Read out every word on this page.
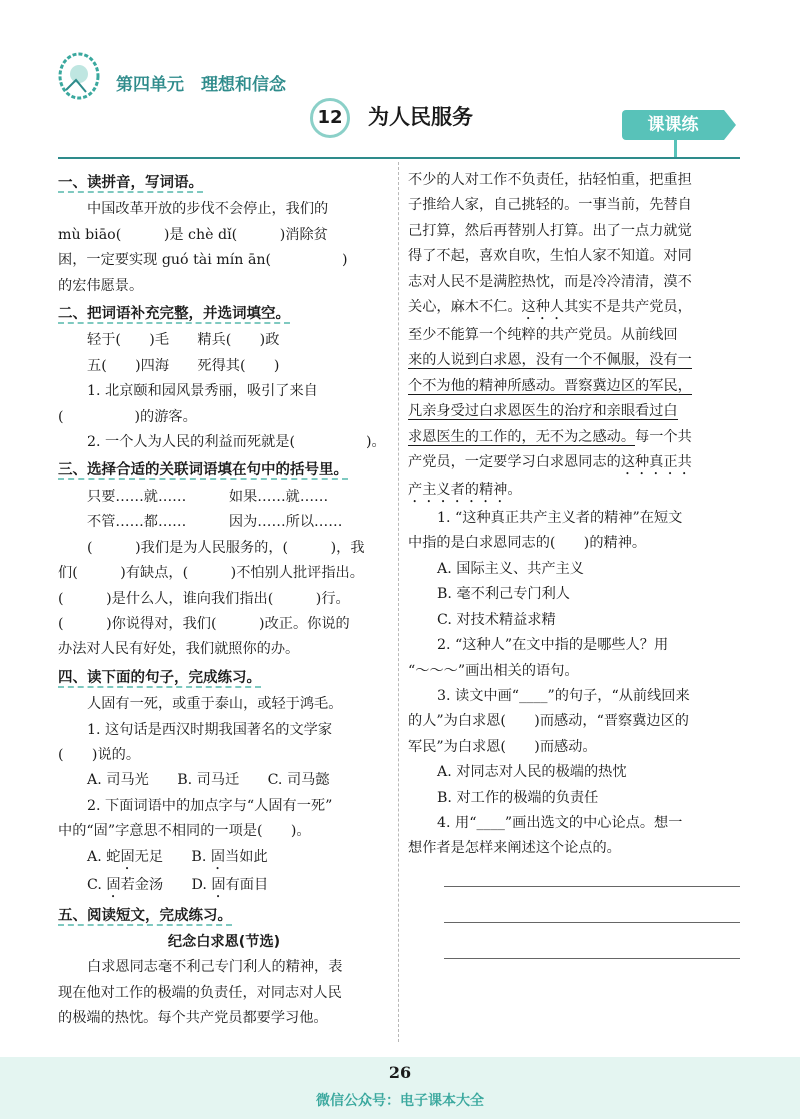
第四单元　理想和信念
12	为人民服务	课课练
一、读拼音，写词语。
中国改革开放的步伐不会停止，我们的
mù biāo(　　　)是 chè dǐ(　　　)消除贫
困，一定要实现 guó tài mín ān(　　　　　)
的宏伟愿景。
二、把词语补充完整，并选词填空。
轻于(　　)毛　　精兵(　　)政
五(　　)四海　　死得其(　　)
1. 北京颐和园风景秀丽，吸引了来自
(　　　　　)的游客。
2. 一个人为人民的利益而死就是(　　　　　)。
三、选择合适的关联词语填在句中的括号里。
只要……就……　　　如果……就……
不管……都……　　　因为……所以……
(　　　)我们是为人民服务的，(　　　)，我
们(　　　)有缺点，(　　　)不怕别人批评指出。
(　　　)是什么人，谁向我们指出(　　　)行。
(　　　)你说得对，我们(　　　)改正。你说的
办法对人民有好处，我们就照你的办。
四、读下面的句子，完成练习。
人固有一死，或重于泰山，或轻于鸿毛。
1. 这句话是西汉时期我国著名的文学家
(　　)说的。
A. 司马光　　B. 司马迁　　C. 司马懿
2. 下面词语中的加点字与“人固有一死”
中的“固”字意思不相同的一项是(　　)。
A. 蛇固无足　　B. 固当如此
C. 固若金汤　　D. 固有面目
五、阅读短文，完成练习。
纪念白求恩(节选)
白求恩同志毫不利己专门利人的精神，表
现在他对工作的极端的负责任，对同志对人民
的极端的热忱。每个共产党员都要学习他。
不少的人对工作不负责任，拈轻怕重，把重担
子推给人家，自己挑轻的。一事当前，先替自
己打算，然后再替别人打算。出了一点力就觉
得了不起，喜欢自吹，生怕人家不知道。对同
志对人民不是满腔热忱，而是冷冷清清，漠不
关心，麻木不仁。这种人其实不是共产党员，
至少不能算一个纯粹的共产党员。从前线回
来的人说到白求恩，没有一个不佩服，没有一
个不为他的精神所感动。晋察冀边区的军民，
凡亲身受过白求恩医生的治疗和亲眼看过白
求恩医生的工作的，无不为之感动。每一个共
产党员，一定要学习白求恩同志的这种真正共
产主义者的精神。
1. “这种真正共产主义者的精神”在短文
中指的是白求恩同志的(　　)的精神。
A. 国际主义、共产主义
B. 毫不利己专门利人
C. 对技术精益求精
2. “这种人”在文中指的是哪些人？用
“～～～”画出相关的语句。
3. 读文中画“____”的句子，“从前线回来
的人”为白求恩(　　)而感动，“晋察冀边区的
军民”为白求恩(　　)而感动。
A. 对同志对人民的极端的热忱
B. 对工作的极端的负责任
4. 用“____”画出选文的中心论点。想一
想作者是怎样来阐述这个论点的。
26
微信公众号：电子课本大全
